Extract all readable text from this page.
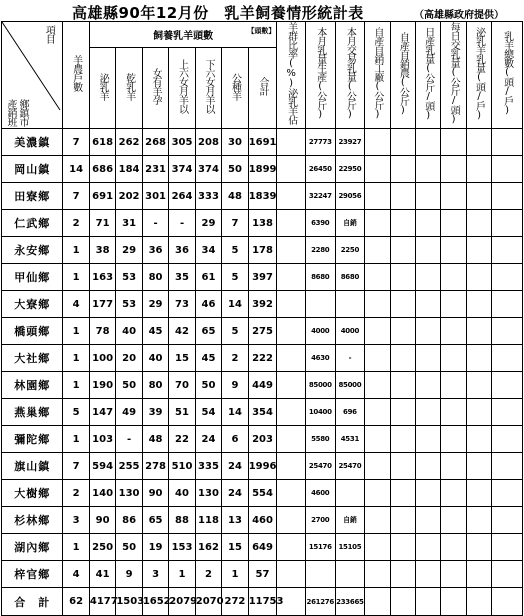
高雄縣90年12月份　乳羊飼養情形統計表	（高雄縣政府提供）
項目
產銷班 鄉鎮市	羊農戶數	飼養乳羊頭數
【頭數】							羊群比率(%)泌乳羊佔	本月乳量生產(公斤)	本月交易乳量(公斤)	自產自銷工廠(公斤)	自產自銷農(公斤)	日產乳量(公斤/頭)	每日交乳量(公斤/頭)	泌乳羊乳量(頭/戶)	乳羊總數(頭/戶)
		泌乳羊	乾乳羊	女有羊孕	上六女月羊以	下六女月羊以	公種羊	合計									
美濃鎮	7	618	262	268	305	208	30	1691		27773	23927						
岡山鎮	14	686	184	231	374	374	50	1899		26450	22950						
田寮鄉	7	691	202	301	264	333	48	1839		32247	29056						
仁武鄉	2	71	31	-	-	29	7	138		6390	自銷						
永安鄉	1	38	29	36	36	34	5	178		2280	2250						
甲仙鄉	1	163	53	80	35	61	5	397		8680	8680						
大寮鄉	4	177	53	29	73	46	14	392									
橋頭鄉	1	78	40	45	42	65	5	275		4000	4000						
大社鄉	1	100	20	40	15	45	2	222		4630	-						
林園鄉	1	190	50	80	70	50	9	449		85000	85000						
燕巢鄉	5	147	49	39	51	54	14	354		10400	696						
彌陀鄉	1	103	-	48	22	24	6	203		5580	4531						
旗山鎮	7	594	255	278	510	335	24	1996		25470	25470						
大樹鄉	2	140	130	90	40	130	24	554		4600							
杉林鄉	3	90	86	65	88	118	13	460		2700	自銷						
湖內鄉	1	250	50	19	153	162	15	649		15176	15105						
梓官鄉	4	41	9	3	1	2	1	57									
合　計	62	4177	1503	1652	2079	2070	272	11753		261276	233665						
